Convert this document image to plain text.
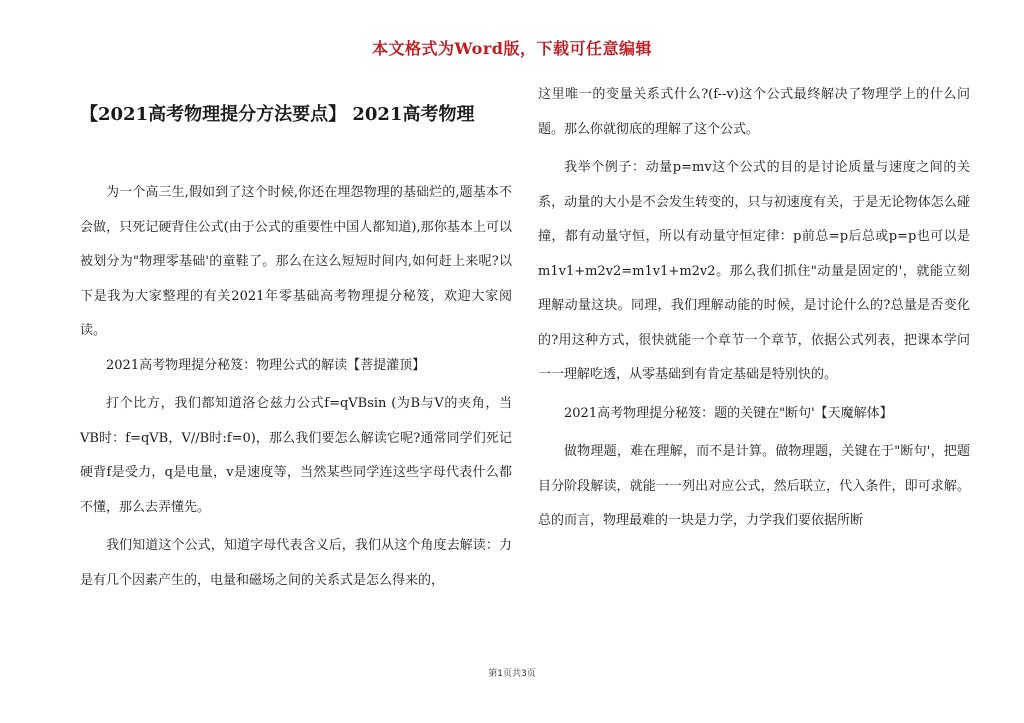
本文格式为Word版，下载可任意编辑
【2021高考物理提分方法要点】 2021高考物理

为一个高三生,假如到了这个时候,你还在埋怨物理的基础烂的,题基本不会做，只死记硬背住公式(由于公式的重要性中国人都知道),那你基本上可以被划分为"物理零基础'的童鞋了。那么在这么短短时间内,如何赶上来呢?以下是我为大家整理的有关2021年零基础高考物理提分秘笈，欢迎大家阅读。

2021高考物理提分秘笈：物理公式的解读【菩提灌顶】

打个比方，我们都知道洛仑兹力公式f=qVBsin (为B与V的夹角，当VB时：f=qVB，V//B时:f=0)，那么我们要怎么解读它呢?通常同学们死记硬背f是受力，q是电量，v是速度等，当然某些同学连这些字母代表什么都不懂，那么去弄懂先。

我们知道这个公式，知道字母代表含义后，我们从这个角度去解读：力是有几个因素产生的，电量和磁场之间的关系式是怎么得来的，

这里唯一的变量关系式什么?(f--v)这个公式最终解决了物理学上的什么问题。那么你就彻底的理解了这个公式。

我举个例子：动量p=mv这个公式的目的是讨论质量与速度之间的关系，动量的大小是不会发生转变的，只与初速度有关，于是无论物体怎么碰撞，都有动量守恒，所以有动量守恒定律：p前总=p后总或p=p也可以是m1v1+m2v2=m1v1+m2v2。那么我们抓住"动量是固定的'，就能立刻理解动量这块。同理，我们理解动能的时候，是讨论什么的?总量是否变化的?用这种方式，很快就能一个章节一个章节，依据公式列表，把课本学问一一理解吃透，从零基础到有肯定基础是特别快的。

2021高考物理提分秘笈：题的关键在"断句'【天魔解体】

做物理题，难在理解，而不是计算。做物理题，关键在于"断句'，把题目分阶段解读，就能一一列出对应公式，然后联立，代入条件，即可求解。总的而言，物理最难的一块是力学，力学我们要依据所断

第1页共3页
